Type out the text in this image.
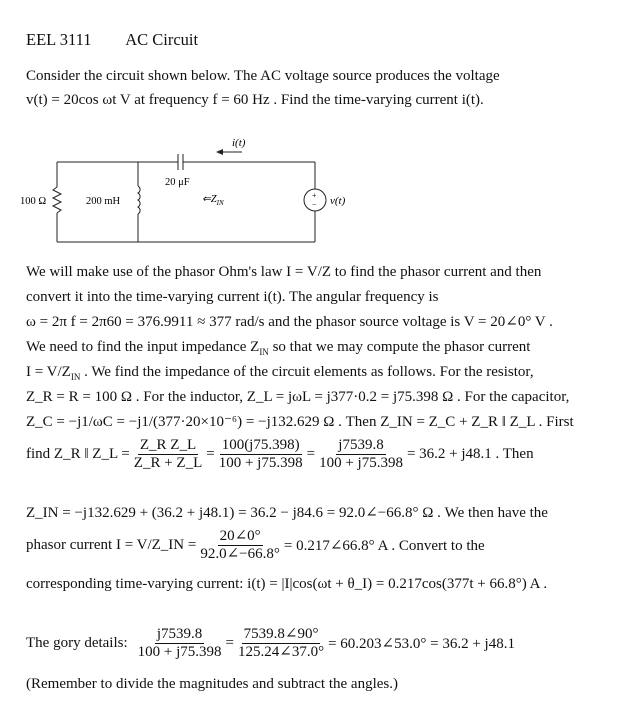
EEL 3111 AC Circuit
Consider the circuit shown below. The AC voltage source produces the voltage
v(t) = 20cos ωt V at frequency f = 60 Hz . Find the time-varying current i(t).
i(t)
20 μF
$⇐Z_{IN}$
100 Ω	200 mH
+
− v(t)
We will make use of the phasor Ohm's law I = V/Z to find the phasor current and then
convert it into the time-varying current i(t). The angular frequency is
ω = 2π f = 2π60 = 376.9911 ≈ 377 rad/s and the phasor source voltage is V = 20∠0° V .
We need to find the input impedance $Z_{IN}$ so that we may compute the phasor current
$I = V/Z_{IN}$ . We find the impedance of the circuit elements as follows. For the resistor,
Z_R = R = 100 Ω . For the inductor, Z_L = jωL = j377·0.2 = j75.398 Ω . For the capacitor,
Z_C = −j1/ωC = −j1/(377·20×10⁻⁶) = −j132.629 Ω . Then Z_IN = Z_C + Z_R ‖ Z_L . First
find Z_R ‖ Z_L = $\frac{\text{Z\_R Z\_L}}{Z\_R + Z\_L} = \frac{100(j75.398)}{100 + j75.398} = \frac{j7539.8}{100 + j75.398} = 36.2 + j48.1$ . Then
Z_IN = −j132.629 + (36.2 + j48.1) = 36.2 − j84.6 = 92.0∠−66.8° Ω . We then have the
phasor current I = V/Z_IN = $\frac{20\angle 0^\circ}{92.0\angle-66.8^\circ}$ = 0.217∠66.8° A . Convert to the
corresponding time-varying current: i(t) = |I|cos(ωt + θ_I) = 0.217cos(377t + 66.8°) A .
The gory details: $\frac{j7539.8}{100 + j75.398} = \frac{7539.8\angle 90^\circ}{125.24\angle 37.0^\circ}$ = 60.203∠53.0° = 36.2 + j48.1
(Remember to divide the magnitudes and subtract the angles.)
